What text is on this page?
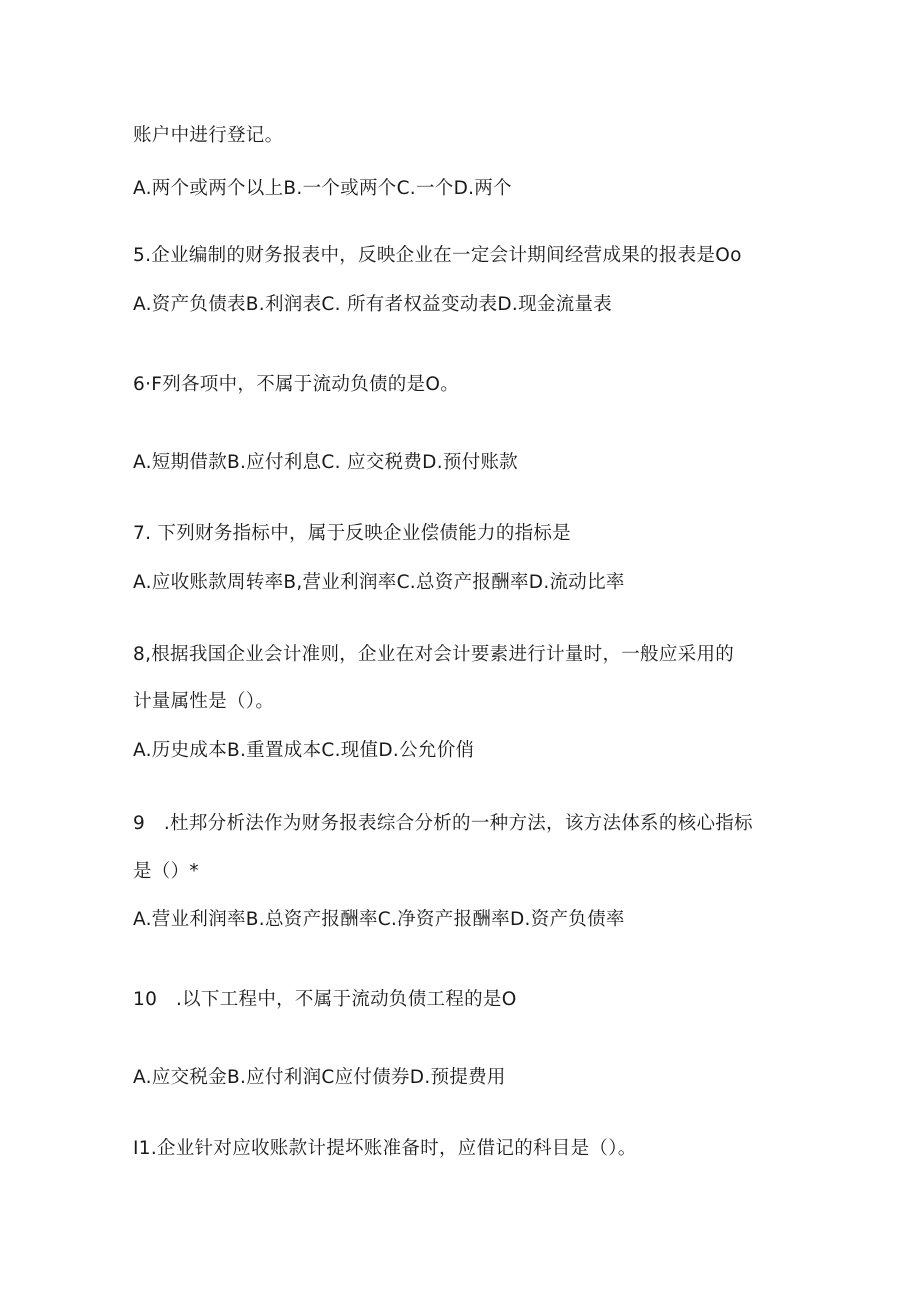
账户中进行登记。
A.两个或两个以上B.一个或两个C.一个D.两个
5.企业编制的财务报表中，反映企业在一定会计期间经营成果的报表是Oo
A.资产负债表B.利润表C. 所有者权益变动表D.现金流量表
6·F列各项中，不属于流动负债的是O。
A.短期借款B.应付利息C. 应交税费D.预付账款
7. 下列财务指标中，属于反映企业偿债能力的指标是
A.应收账款周转率B,营业利润率C.总资产报酬率D.流动比率
8,根据我国企业会计准则，企业在对会计要素进行计量时，一般应采用的
计量属性是（）。
A.历史成本B.重置成本C.现值D.公允价俏
9　.杜邦分析法作为财务报表综合分析的一种方法，该方法体系的核心指标
是（）*
A.营业利润率B.总资产报酬率C.净资产报酬率D.资产负债率
10　.以下工程中，不属于流动负债工程的是O
A.应交税金B.应付利润C应付债券D.预提费用
I1.企业针对应收账款计提坏账准备时，应借记的科目是（）。
